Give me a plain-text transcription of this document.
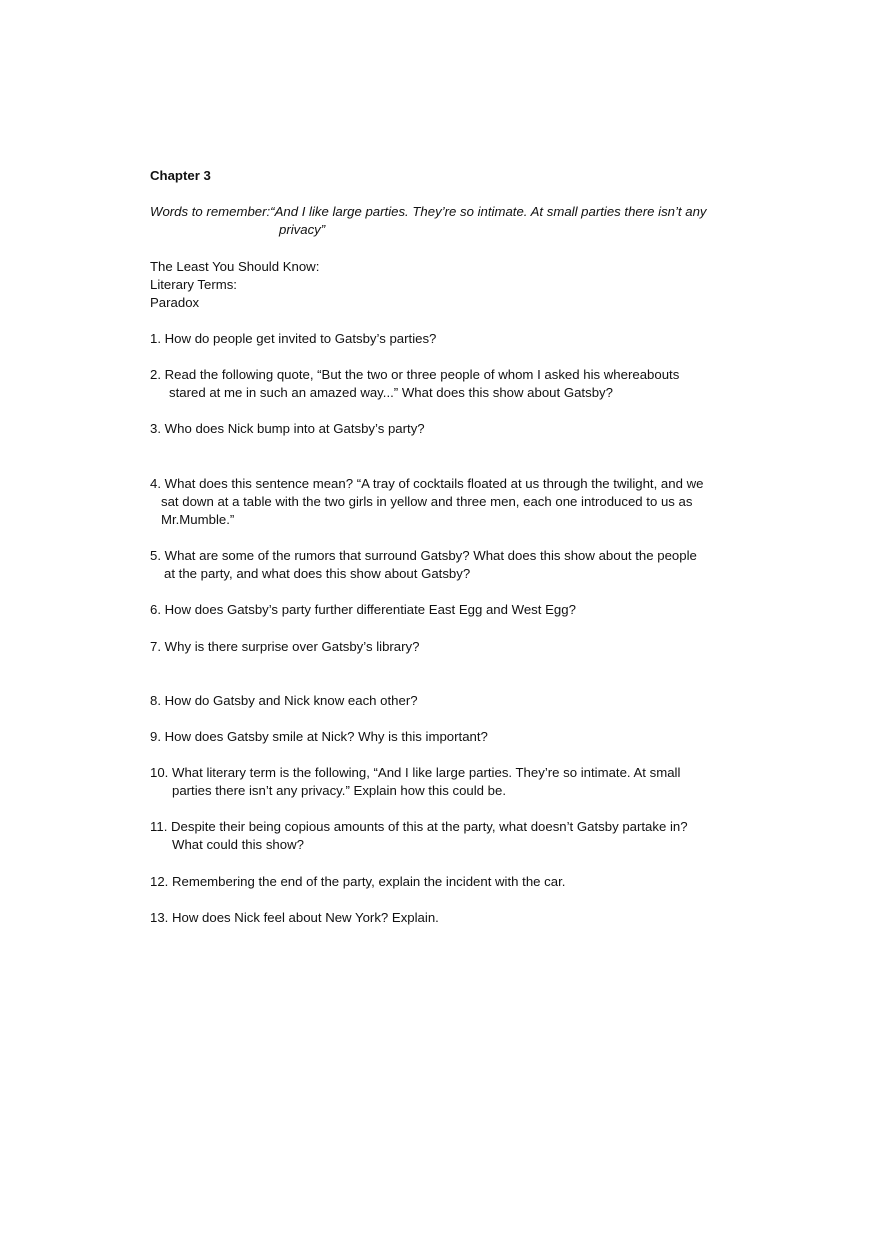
Chapter 3
Words to remember:“And I like large parties. They’re so intimate. At small parties there isn’t any
privacy”
The Least You Should Know:
Literary Terms:
Paradox
1. How do people get invited to Gatsby’s parties?
2. Read the following quote, “But the two or three people of whom I asked his whereabouts
stared at me in such an amazed way...” What does this show about Gatsby?
3. Who does Nick bump into at Gatsby’s party?
4. What does this sentence mean? “A tray of cocktails floated at us through the twilight, and we
sat down at a table with the two girls in yellow and three men, each one introduced to us as
Mr.Mumble.”
5. What are some of the rumors that surround Gatsby? What does this show about the people
at the party, and what does this show about Gatsby?
6. How does Gatsby’s party further differentiate East Egg and West Egg?
7. Why is there surprise over Gatsby’s library?
8. How do Gatsby and Nick know each other?
9. How does Gatsby smile at Nick? Why is this important?
10. What literary term is the following, “And I like large parties. They’re so intimate. At small
parties there isn’t any privacy.” Explain how this could be.
11. Despite their being copious amounts of this at the party, what doesn’t Gatsby partake in?
What could this show?
12. Remembering the end of the party, explain the incident with the car.
13. How does Nick feel about New York? Explain.
